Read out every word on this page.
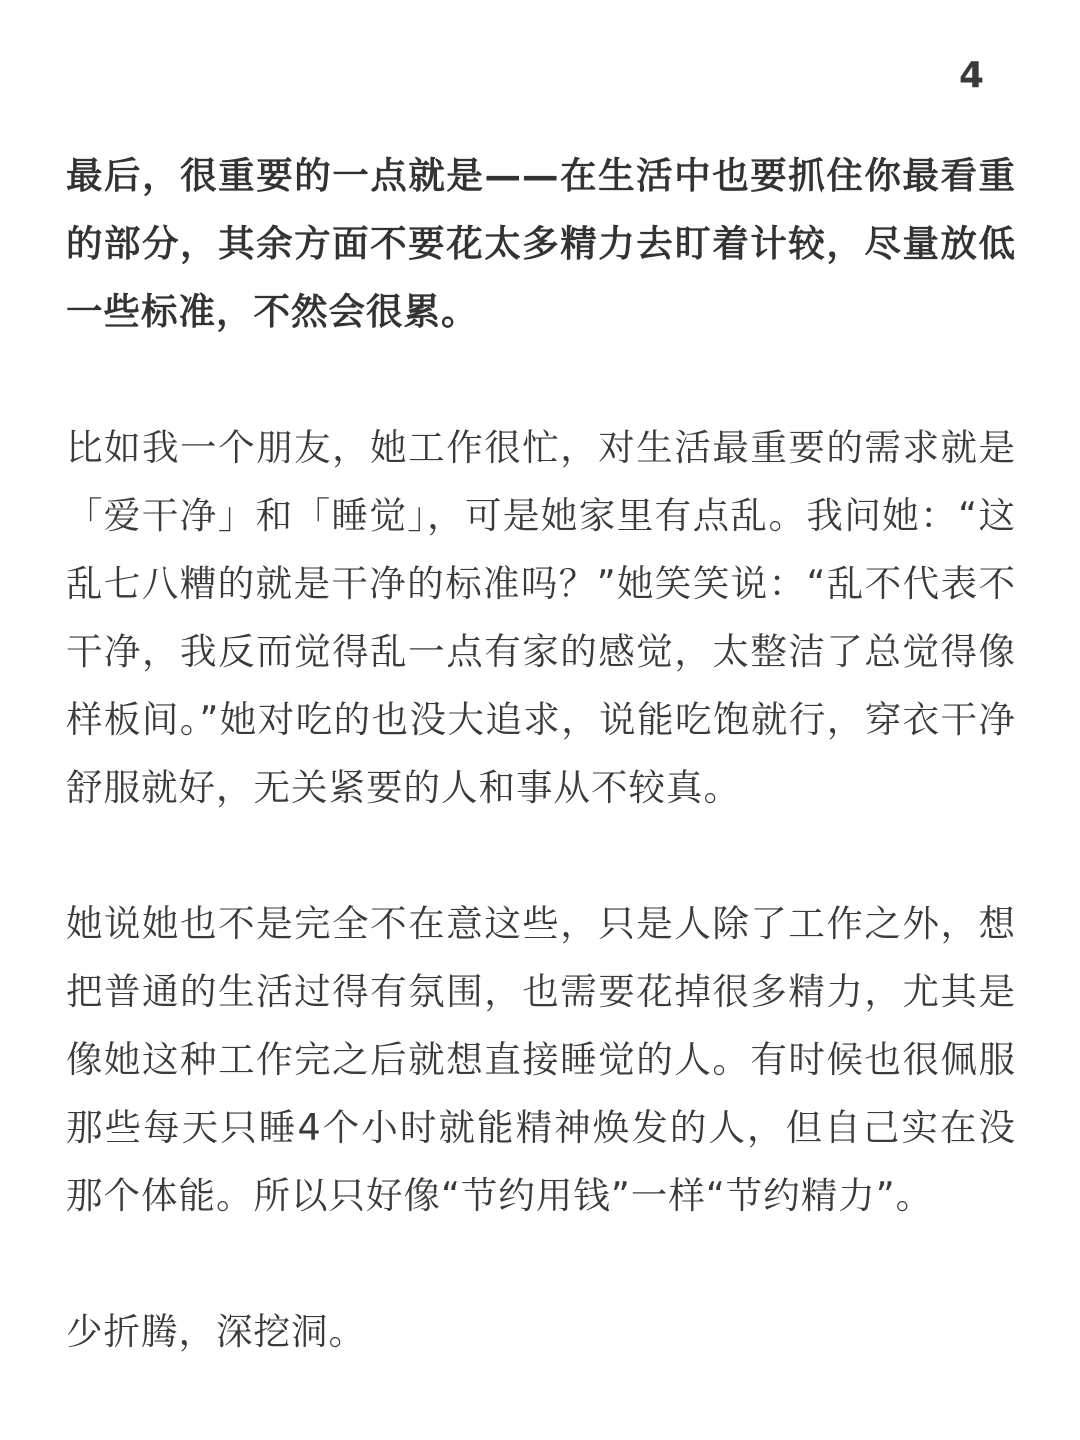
4

最后，很重要的一点就是——在生活中也要抓住你最看重的部分，其余方面不要花太多精力去盯着计较，尽量放低一些标准，不然会很累。

比如我一个朋友，她工作很忙，对生活最重要的需求就是「爱干净」和「睡觉」，可是她家里有点乱。我问她：“这乱七八糟的就是干净的标准吗？”她笑笑说：“乱不代表不干净，我反而觉得乱一点有家的感觉，太整洁了总觉得像样板间。”她对吃的也没大追求，说能吃饱就行，穿衣干净舒服就好，无关紧要的人和事从不较真。

她说她也不是完全不在意这些，只是人除了工作之外，想把普通的生活过得有氛围，也需要花掉很多精力，尤其是像她这种工作完之后就想直接睡觉的人。有时候也很佩服那些每天只睡4个小时就能精神焕发的人，但自己实在没那个体能。所以只好像“节约用钱”一样“节约精力”。

少折腾，深挖洞。
